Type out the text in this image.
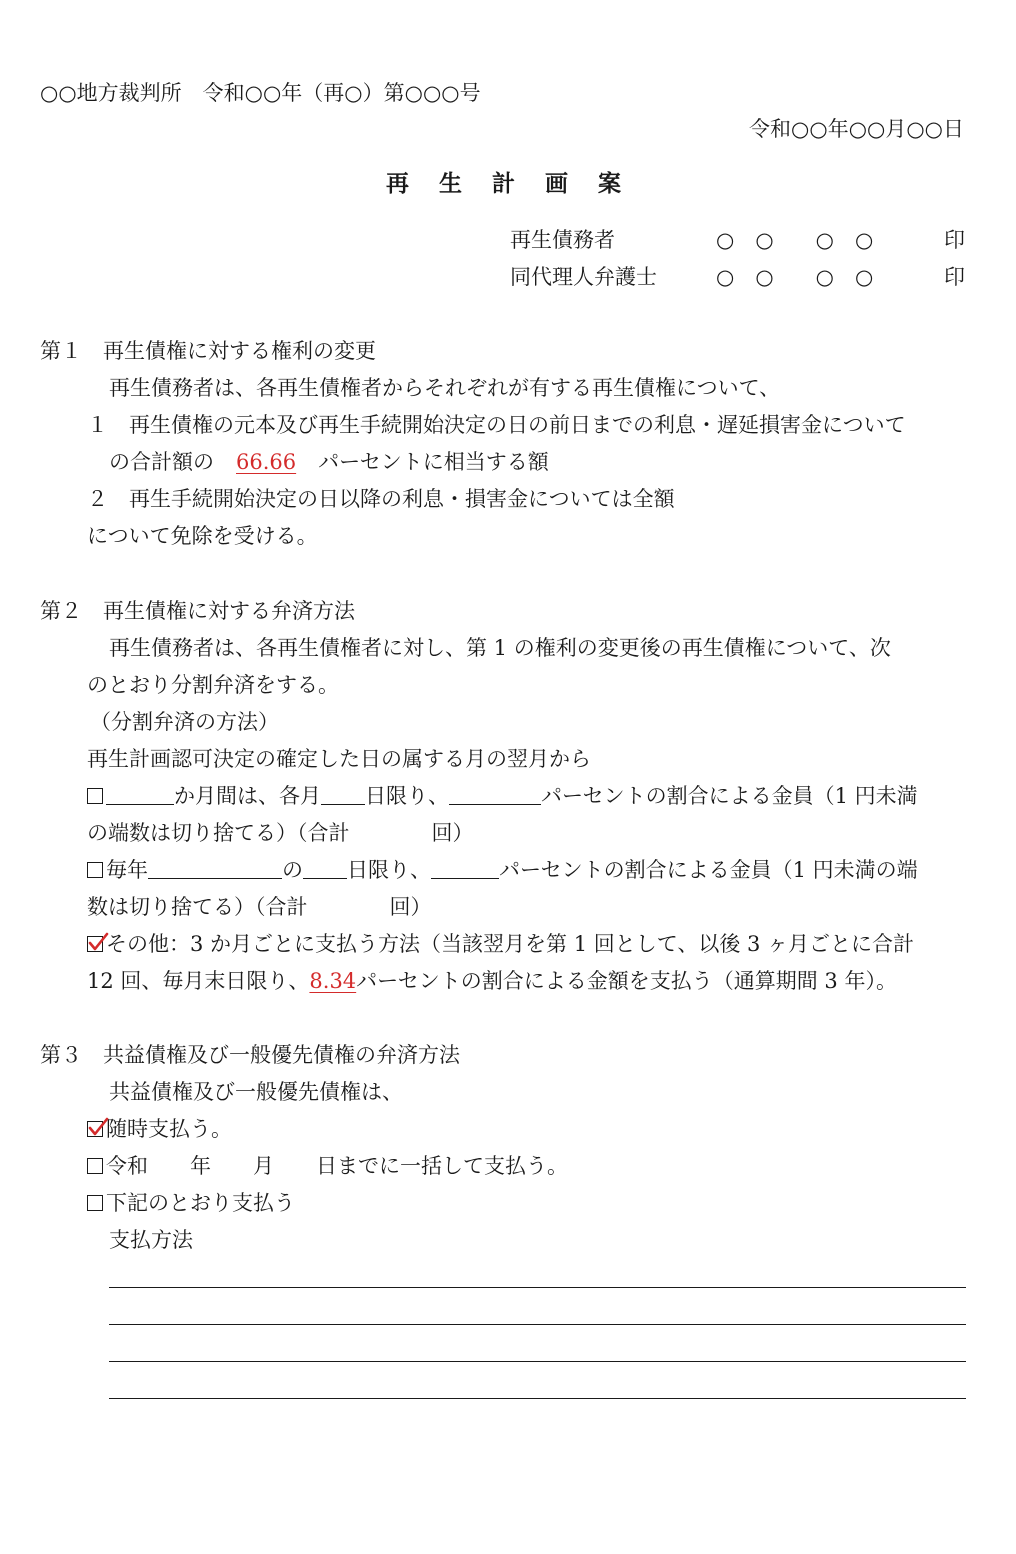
○○地方裁判所　令和○○年（再○）第○○○号
令和○○年○○月○○日
再生計画案
再生債務者	○　○　　○　○	印
同代理人弁護士	○　○　　○　○	印
第１　再生債権に対する権利の変更
再生債務者は、各再生債権者からそれぞれが有する再生債権について、
１　再生債権の元本及び再生手続開始決定の日の前日までの利息・遅延損害金について
の合計額の 66.66 パーセントに相当する額
２　再生手続開始決定の日以降の利息・損害金については全額
について免除を受ける。
第２　再生債権に対する弁済方法
再生債務者は、各再生債権者に対し、第 1 の権利の変更後の再生債権について、次
のとおり分割弁済をする。
（分割弁済の方法）
再生計画認可決定の確定した日の属する月の翌月から
か月間は、各月 日限り、	パーセントの割合による金員（1 円未満
の端数は切り捨てる）（合計	回）
毎年	の 日限り、	パーセントの割合による金員（1 円未満の端
数は切り捨てる）（合計	回）
その他：3 か月ごとに支払う方法（当該翌月を第 1 回として、以後 3 ヶ月ごとに合計
12 回、毎月末日限り、8.34パーセントの割合による金額を支払う（通算期間 3 年）。
第３　共益債権及び一般優先債権の弁済方法
共益債権及び一般優先債権は、
随時支払う。
令和 年 月 日までに一括して支払う。
下記のとおり支払う
支払方法
